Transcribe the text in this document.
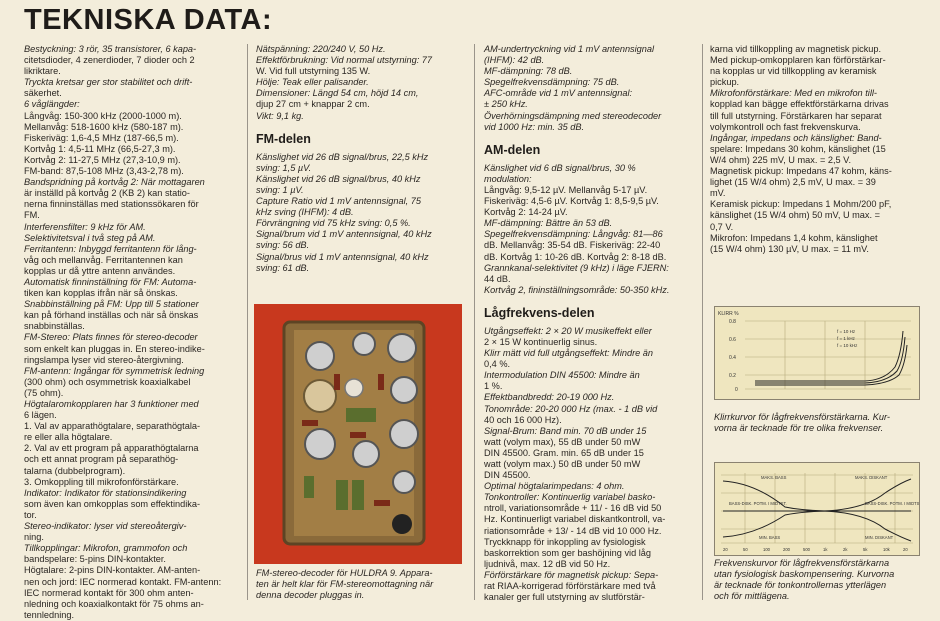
TEKNISKA DATA:

Bestyckning: 3 rör, 35 transistorer, 6 kapa-

citetsdioder, 4 zenerdioder, 7 dioder och 2

likriktare.

Tryckta kretsar ger stor stabilitet och drift-

säkerhet.

6 våglängder:

Långvåg: 150-300 kHz (2000-1000 m).

Mellanvåg: 518-1600 kHz (580-187 m).

Fiskeriväg: 1,6-4,5 MHz (187-66,5 m).

Kortvåg 1: 4,5-11 MHz (66,5-27,3 m).

Kortvåg 2: 11-27,5 MHz (27,3-10,9 m).

FM-band: 87,5-108 MHz (3,43-2,78 m).

Bandspridning på kortvåg 2: När mottagaren

är inställd på kortvåg 2 (KB 2) kan statio-

nerna finninställas med stationssökaren för

FM.

Interferensfilter: 9 kHz för AM.

Selektivitetsval i två steg på AM.

Ferritantenn: Inbyggd ferritantenn för lång-

våg och mellanvåg. Ferritantennen kan

kopplas ur då yttre antenn användes.

Automatisk finninställning för FM: Automa-

tiken kan kopplas ifrån när så önskas.

Snabbinställning på FM: Upp till 5 stationer

kan på förhand inställas och när så önskas

snabbinställas.

FM-Stereo: Plats finnes för stereo-decoder

som enkelt kan pluggas in. En stereo-indike-

ringslampa lyser vid stereo-återgivning.

FM-antenn: Ingångar för symmetrisk ledning

(300 ohm) och osymmetrisk koaxialkabel

(75 ohm).

Högtalaromkopplaren har 3 funktioner med

6 lägen.

1. Val av apparathögtalare, separathögtala-

re eller alla högtalare.

2. Val av ett program på apparathögtalarna

och ett annat program på separathög-

talarna (dubbelprogram).

3. Omkoppling till mikrofonförstärkare.

Indikator: Indikator för stationsindikering

som även kan omkopplas som effektindika-

tor.

Stereo-indikator: lyser vid stereoåtergiv-

ning.

Tillkopplingar: Mikrofon, grammofon och

bandspelare: 5-pins DIN-kontakter.

Högtalare: 2-pins DIN-kontakter. AM-anten-

nen och jord: IEC normerad kontakt. FM-antenn:

IEC normerad kontakt för 300 ohm anten-

nledning och koaxialkontakt för 75 ohms an-

tennledning.

Nätspänning: 220/240 V, 50 Hz.

Effektförbrukning: Vid normal utstyrning: 77

W. Vid full utstyrning 135 W.

Hölje: Teak eller palisander.

Dimensioner: Längd 54 cm, höjd 14 cm,

djup 27 cm + knappar 2 cm.

Vikt: 9,1 kg.

FM-delen

Känslighet vid 26 dB signal/brus, 22,5 kHz

sving: 1,5 µV.

Känslighet vid 26 dB signal/brus, 40 kHz

sving: 1 µV.

Capture Ratio vid 1 mV antennsignal, 75

kHz sving (IHFM): 4 dB.

Förvrängning vid 75 kHz sving: 0,5 %.

Signal/brum vid 1 mV antennsignal, 40 kHz

sving: 56 dB.

Signal/brus vid 1 mV antennsignal, 40 kHz

sving: 61 dB.

FM-stereo-decoder för HULDRA 9. Appara-
ten är helt klar för FM-stereomottagning när
denna decoder pluggas in.

AM-undertryckning vid 1 mV antennsignal

(IHFM): 42 dB.

MF-dämpning: 78 dB.

Spegelfrekvensdämpning: 75 dB.

AFC-område vid 1 mV antennsignal:

± 250 kHz.

Överhörningsdämpning med stereodecoder

vid 1000 Hz: min. 35 dB.

AM-delen

Känslighet vid 6 dB signal/brus, 30 %

modulation:

Långvåg: 9,5-12 µV. Mellanvåg 5-17 µV.

Fiskeriväg: 4,5-6 µV. Kortvåg 1: 8,5-9,5 µV.

Kortvåg 2: 14-24 µV.

MF-dämpning: Bättre än 53 dB.

Spegelfrekvensdämpning: Långvåg: 81—86

dB. Mellanvåg: 35-54 dB. Fiskeriväg: 22-40

dB. Kortvåg 1: 10-26 dB. Kortvåg 2: 8-18 dB.

Grannkanal-selektivitet (9 kHz) i läge FJERN:

44 dB.

Kortvåg 2, fininställningsområde: 50-350 kHz.

Lågfrekvens-delen

Utgångseffekt: 2 × 20 W musikeffekt eller

2 × 15 W kontinuerlig sinus.

Klirr mätt vid full utgångseffekt: Mindre än

0,4 %.

Intermodulation DIN 45500: Mindre än

1 %.

Effektbandbredd: 20-19 000 Hz.

Tonområde: 20-20 000 Hz (max. - 1 dB vid

40 och 16 000 Hz).

Signal-Brum: Band min. 70 dB under 15

watt (volym max), 55 dB under 50 mW

DIN 45500. Gram. min. 65 dB under 15

watt (volym max.) 50 dB under 50 mW

DIN 45500.

Optimal högtalarimpedans: 4 ohm.

Tonkontroller: Kontinuerlig variabel basko-

ntroll, variationsområde + 11/ - 16 dB vid 50

Hz. Kontinuerligt variabel diskantkontroll, va-

riationsområde + 13/ - 14 dB vid 10 000 Hz.

Tryckknapp för inkoppling av fysiologisk

baskorrektion som ger bashöjning vid låg

ljudnivå, max. 12 dB vid 50 Hz.

Förförstärkare för magnetisk pickup: Sepa-

rat RIAA-korrigerad förförstärkare med två

kanaler ger full utstyrning av slutförstär-

karna vid tillkoppling av magnetisk pickup.

Med pickup-omkopplaren kan förförstärkar-

na kopplas ur vid tillkoppling av keramisk

pickup.

Mikrofonförstärkare: Med en mikrofon till-

kopplad kan bägge effektförstärkarna drivas

till full utstyrning. Förstärkaren har separat

volymkontroll och fast frekvenskurva.

Ingångar, impedans och känslighet: Band-

spelare: Impedans 30 kohm, känslighet (15

W/4 ohm) 225 mV, U max. = 2,5 V.

Magnetisk pickup: Impedans 47 kohm, käns-

lighet (15 W/4 ohm) 2,5 mV, U max. = 39

mV.

Keramisk pickup: Impedans 1 Mohm/200 pF,

känslighet (15 W/4 ohm) 50 mV, U max. =

0,7 V.

Mikrofon: Impedans 1,4 kohm, känslighet

(15 W/4 ohm) 130 µV, U max. = 11 mV.

KLIRR %
0.8
0.6
0.4
0.2
0
f = 10 Hz
f = 1 kHz
f = 10 kHz
Klirrkurvor för lågfrekvensförstärkarna. Kur-
vorna är tecknade för tre olika frekvenser.
MAKS. BASS	MAKS. DISKANT
BASS-DISK. POTM. I MIDTST.	BASS-DISK. POTM. I MIDTST.
MIN. BASS	MIN. DISKANT
20	50	100	200	500	1k	2k	5k	10k	20
Frekvenskurvor för lågfrekvensförstärkarna
utan fysiologisk baskompensering. Kurvorna
är tecknade för tonkontrollernas ytterlägen
och för mittlägena.
